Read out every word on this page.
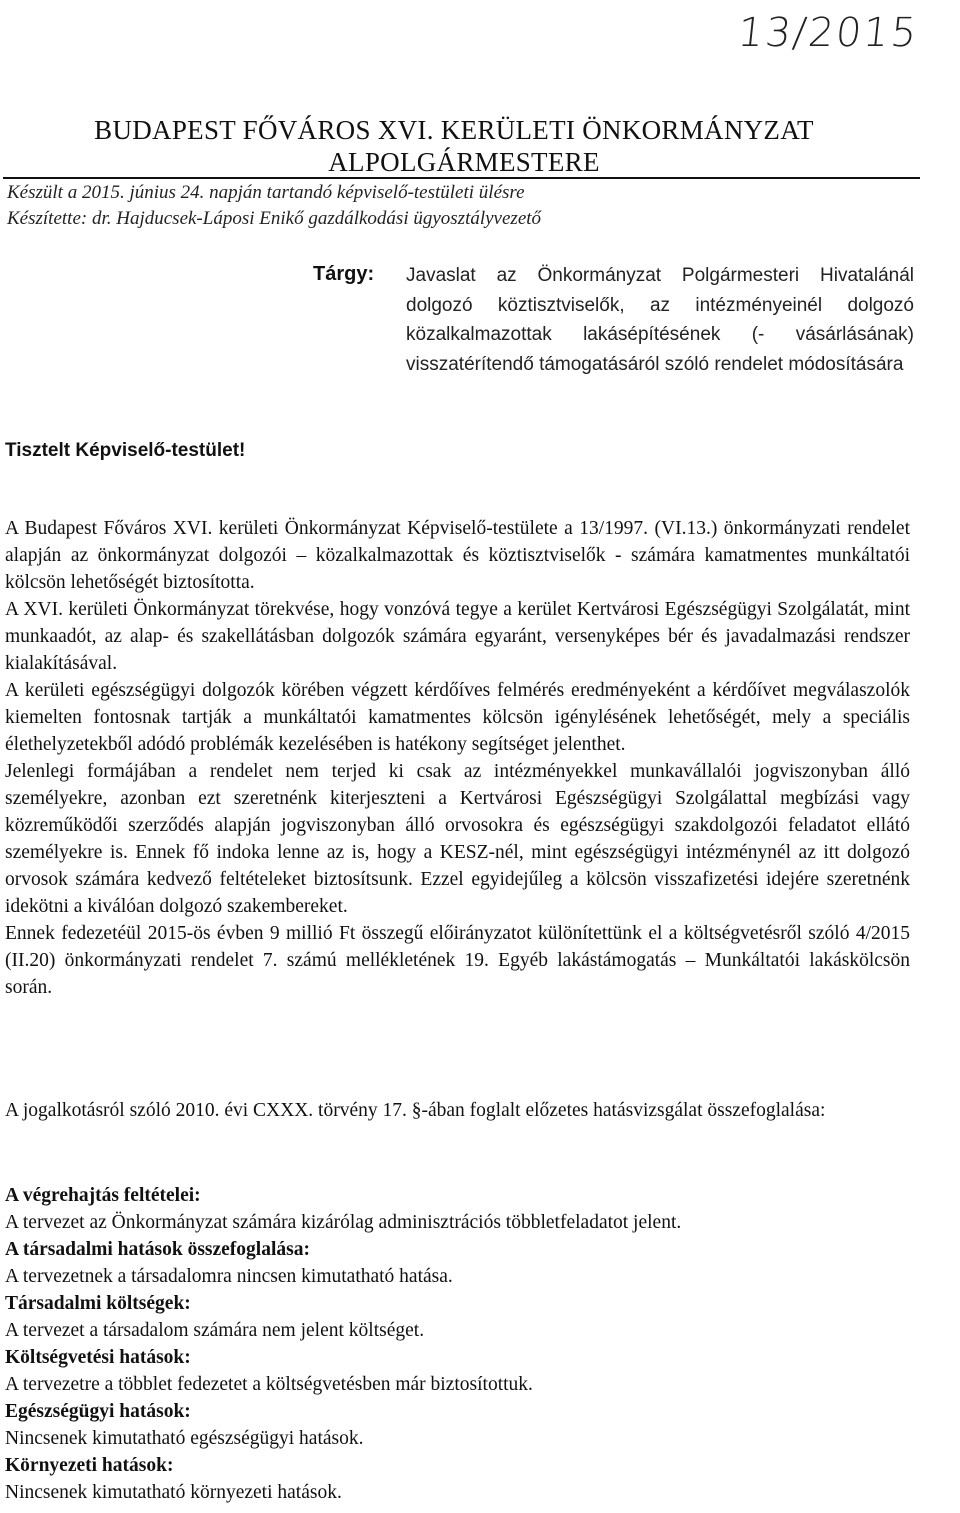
13/2015
BUDAPEST FŐVÁROS XVI. KERÜLETI ÖNKORMÁNYZAT
ALPOLGÁRMESTERE
Készült a 2015. június 24. napján tartandó képviselő-testületi ülésre
Készítette: dr. Hajducsek-Láposi Enikő gazdálkodási ügyosztályvezető
Tárgy: Javaslat az Önkormányzat Polgármesteri Hivatalánál dolgozó köztisztviselők, az intézményeinél dolgozó közalkalmazottak lakásépítésének (- vásárlásának) visszatérítendő támogatásáról szóló rendelet módosítására
Tisztelt Képviselő-testület!

A Budapest Főváros XVI. kerületi Önkormányzat Képviselő-testülete a 13/1997. (VI.13.) önkormányzati rendelet alapján az önkormányzat dolgozói – közalkalmazottak és köztisztviselők - számára kamatmentes munkáltatói kölcsön lehetőségét biztosította.

A XVI. kerületi Önkormányzat törekvése, hogy vonzóvá tegye a kerület Kertvárosi Egészségügyi Szolgálatát, mint munkaadót, az alap- és szakellátásban dolgozók számára egyaránt, versenyképes bér és javadalmazási rendszer kialakításával.

A kerületi egészségügyi dolgozók körében végzett kérdőíves felmérés eredményeként a kérdőívet megválaszolók kiemelten fontosnak tartják a munkáltatói kamatmentes kölcsön igénylésének lehetőségét, mely a speciális élethelyzetekből adódó problémák kezelésében is hatékony segítséget jelenthet.

Jelenlegi formájában a rendelet nem terjed ki csak az intézményekkel munkavállalói jogviszonyban álló személyekre, azonban ezt szeretnénk kiterjeszteni a Kertvárosi Egészségügyi Szolgálattal megbízási vagy közreműködői szerződés alapján jogviszonyban álló orvosokra és egészségügyi szakdolgozói feladatot ellátó személyekre is. Ennek fő indoka lenne az is, hogy a KESZ-nél, mint egészségügyi intézménynél az itt dolgozó orvosok számára kedvező feltételeket biztosítsunk. Ezzel egyidejűleg a kölcsön visszafizetési idejére szeretnénk idekötni a kiválóan dolgozó szakembereket.

Ennek fedezetéül 2015-ös évben 9 millió Ft összegű előirányzatot különítettünk el a költségvetésről szóló 4/2015 (II.20) önkormányzati rendelet 7. számú mellékletének 19. Egyéb lakástámogatás – Munkáltatói lakáskölcsön során.

A jogalkotásról szóló 2010. évi CXXX. törvény 17. §-ában foglalt előzetes hatásvizsgálat összefoglalása:

A végrehajtás feltételei:
A tervezet az Önkormányzat számára kizárólag adminisztrációs többletfeladatot jelent.
A társadalmi hatások összefoglalása:
A tervezetnek a társadalomra nincsen kimutatható hatása.
Társadalmi költségek:
A tervezet a társadalom számára nem jelent költséget.
Költségvetési hatások:
A tervezetre a többlet fedezetet a költségvetésben már biztosítottuk.
Egészségügyi hatások:
Nincsenek kimutatható egészségügyi hatások.
Környezeti hatások:
Nincsenek kimutatható környezeti hatások.
